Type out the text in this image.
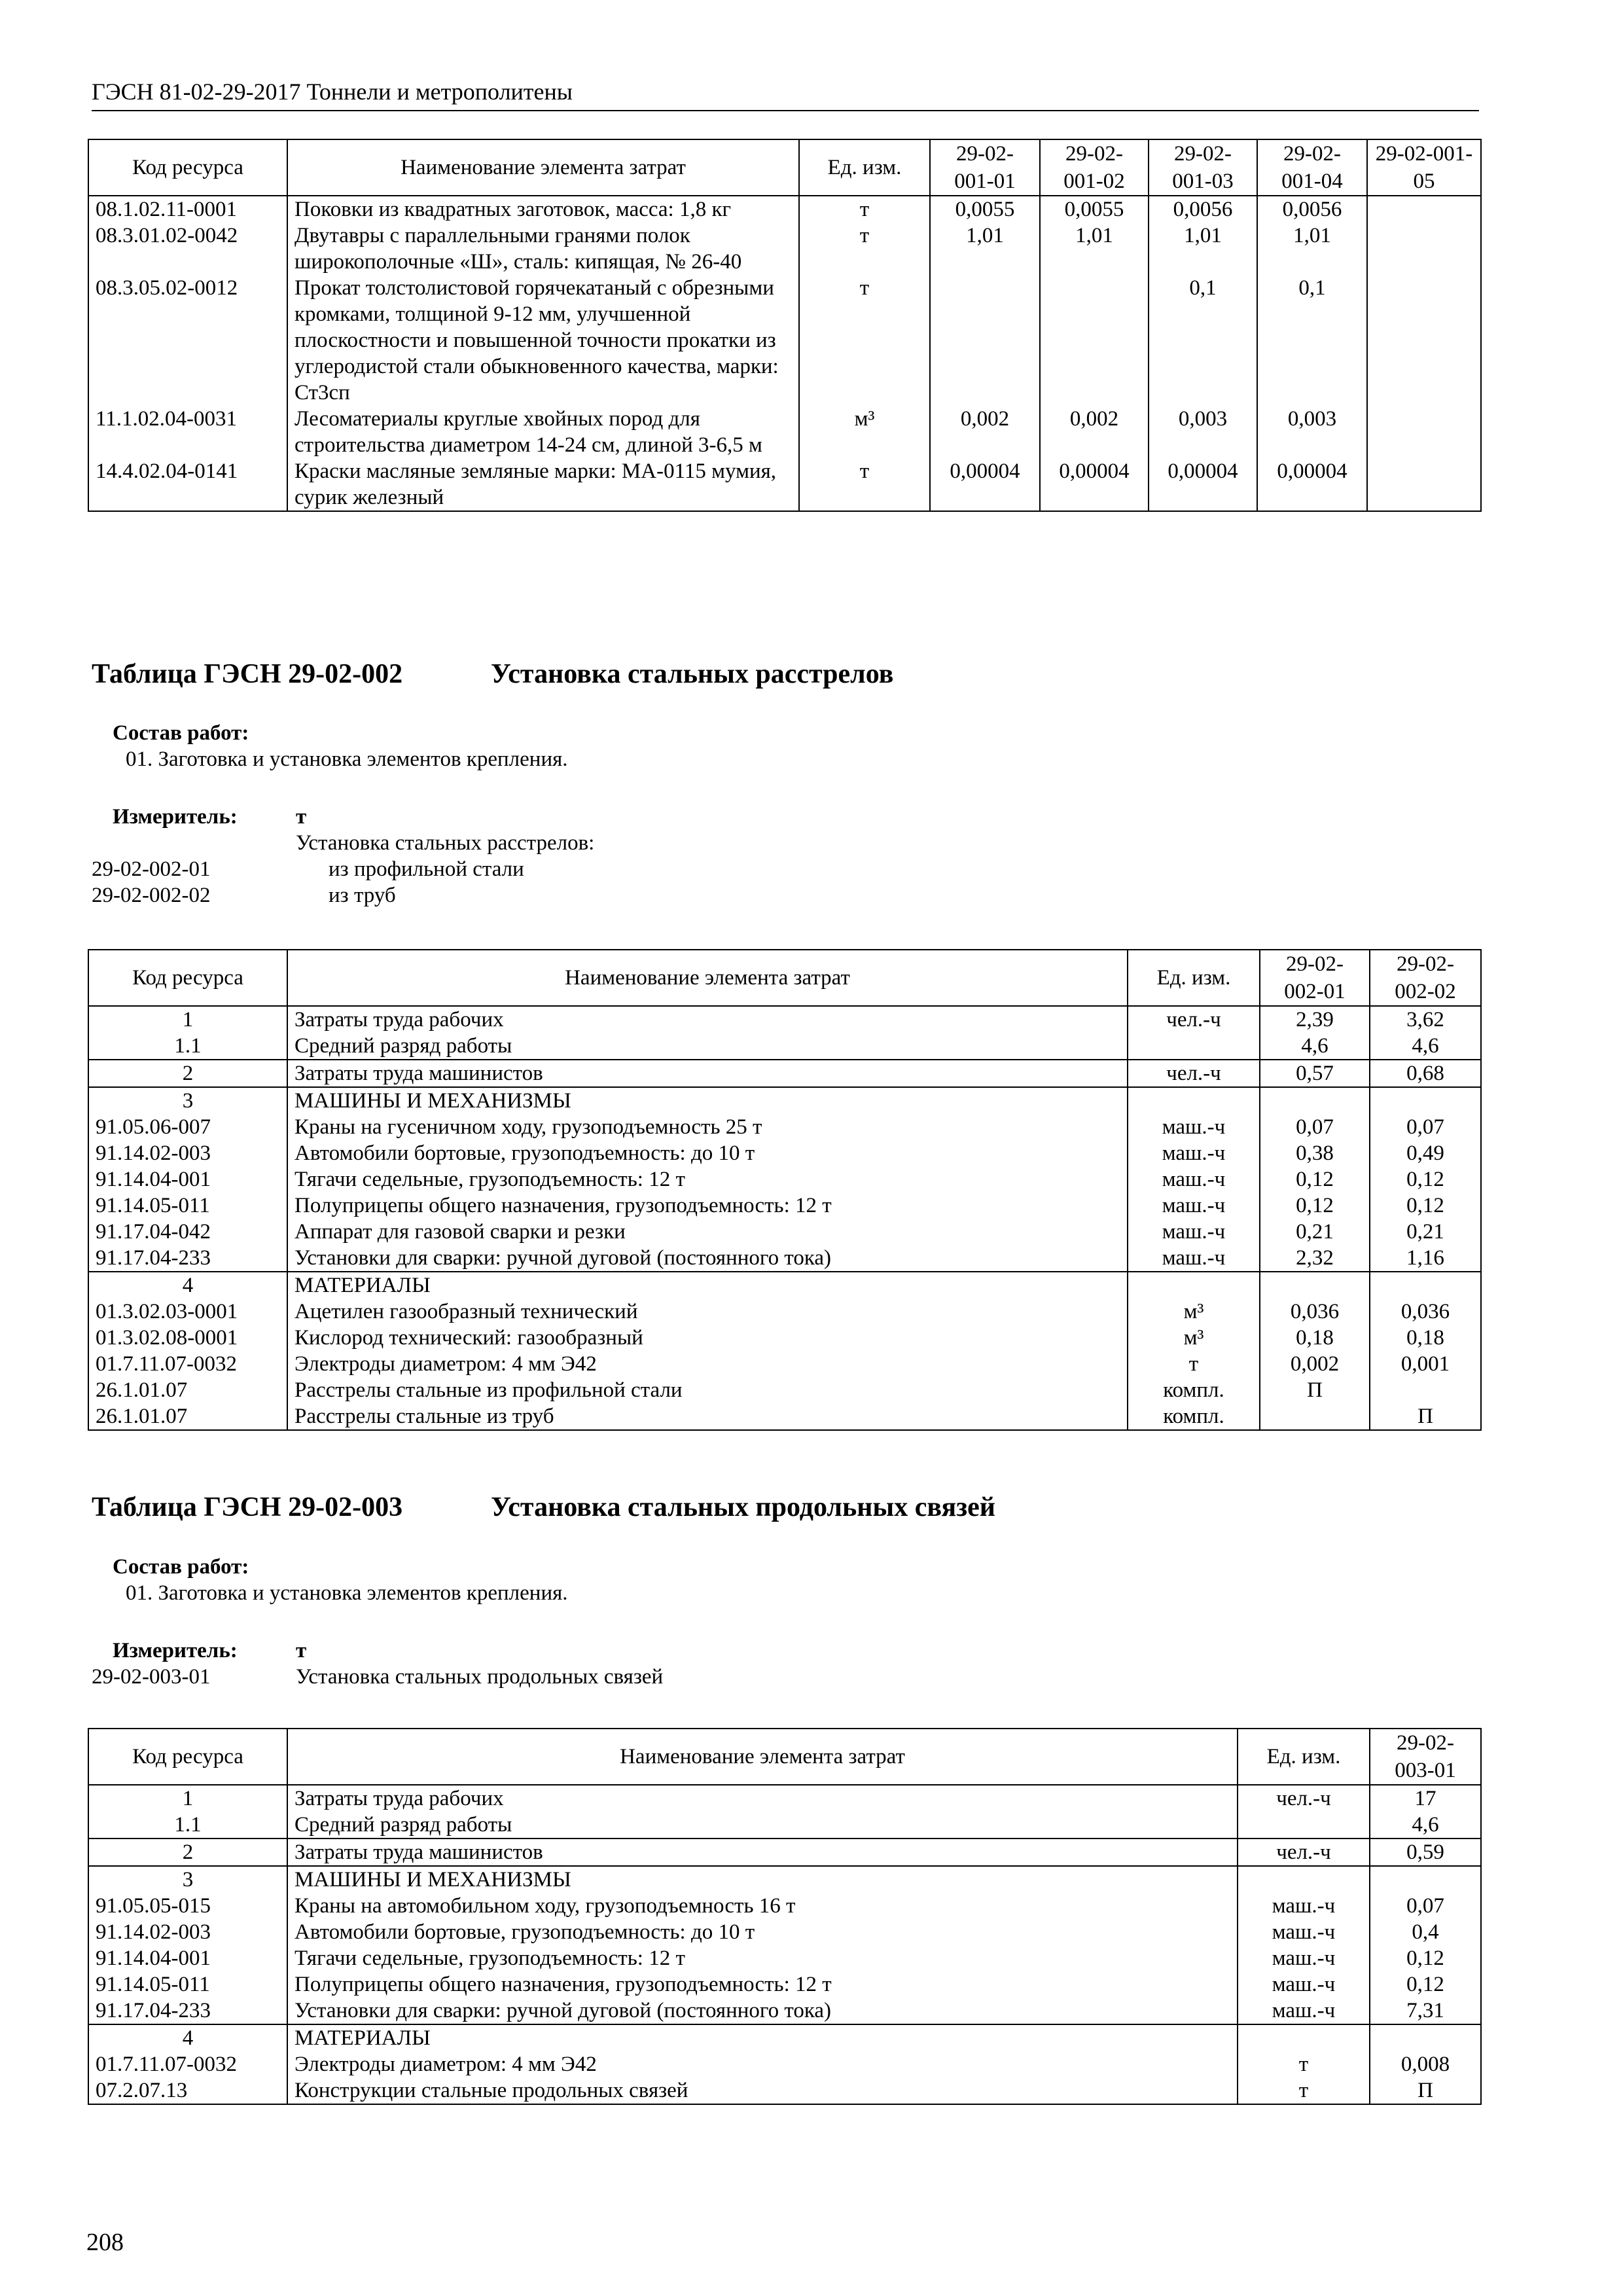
ГЭСН 81-02-29-2017 Тоннели и метрополитены
Код ресурса	Наименование элемента затрат	Ед. изм.	29-02-001-01	29-02-001-02	29-02-001-03	29-02-001-04	29-02-001-05
08.1.02.11-0001	Поковки из квадратных заготовок, масса: 1,8 кг	т	0,0055	0,0055	0,0056	0,0056	
08.3.01.02-0042	Двутавры с параллельными гранями полок широкополочные «Ш», сталь: кипящая, № 26-40	т	1,01	1,01	1,01	1,01	
08.3.05.02-0012	Прокат толстолистовой горячекатаный с обрезными кромками, толщиной 9-12 мм, улучшенной плоскостности и повышенной точности прокатки из углеродистой стали обыкновенного качества, марки: Ст3сп	т			0,1	0,1	
11.1.02.04-0031	Лесоматериалы круглые хвойных пород для строительства диаметром 14-24 см, длиной 3-6,5 м	м³	0,002	0,002	0,003	0,003	
14.4.02.04-0141	Краски масляные земляные марки: МА-0115 мумия, сурик железный	т	0,00004	0,00004	0,00004	0,00004	
Таблица ГЭСН 29-02-002	Установка стальных расстрелов
Состав работ:
01. Заготовка и установка элементов крепления.
Измеритель:	т
Установка стальных расстрелов:
29-02-002-01	из профильной стали
29-02-002-02	из труб
Код ресурса	Наименование элемента затрат	Ед. изм.	29-02-002-01	29-02-002-02
1	Затраты труда рабочих	чел.-ч	2,39	3,62
1.1	Средний разряд работы		4,6	4,6
2	Затраты труда машинистов	чел.-ч	0,57	0,68
3	МАШИНЫ И МЕХАНИЗМЫ			
91.05.06-007	Краны на гусеничном ходу, грузоподъемность 25 т	маш.-ч	0,07	0,07
91.14.02-003	Автомобили бортовые, грузоподъемность: до 10 т	маш.-ч	0,38	0,49
91.14.04-001	Тягачи седельные, грузоподъемность: 12 т	маш.-ч	0,12	0,12
91.14.05-011	Полуприцепы общего назначения, грузоподъемность: 12 т	маш.-ч	0,12	0,12
91.17.04-042	Аппарат для газовой сварки и резки	маш.-ч	0,21	0,21
91.17.04-233	Установки для сварки: ручной дуговой (постоянного тока)	маш.-ч	2,32	1,16
4	МАТЕРИАЛЫ			
01.3.02.03-0001	Ацетилен газообразный технический	м³	0,036	0,036
01.3.02.08-0001	Кислород технический: газообразный	м³	0,18	0,18
01.7.11.07-0032	Электроды диаметром: 4 мм Э42	т	0,002	0,001
26.1.01.07	Расстрелы стальные из профильной стали	компл.	П	
26.1.01.07	Расстрелы стальные из труб	компл.		П
Таблица ГЭСН 29-02-003	Установка стальных продольных связей
Состав работ:
01. Заготовка и установка элементов крепления.
Измеритель:	т
29-02-003-01	Установка стальных продольных связей
Код ресурса	Наименование элемента затрат	Ед. изм.	29-02-003-01
1	Затраты труда рабочих	чел.-ч	17
1.1	Средний разряд работы		4,6
2	Затраты труда машинистов	чел.-ч	0,59
3	МАШИНЫ И МЕХАНИЗМЫ		
91.05.05-015	Краны на автомобильном ходу, грузоподъемность 16 т	маш.-ч	0,07
91.14.02-003	Автомобили бортовые, грузоподъемность: до 10 т	маш.-ч	0,4
91.14.04-001	Тягачи седельные, грузоподъемность: 12 т	маш.-ч	0,12
91.14.05-011	Полуприцепы общего назначения, грузоподъемность: 12 т	маш.-ч	0,12
91.17.04-233	Установки для сварки: ручной дуговой (постоянного тока)	маш.-ч	7,31
4	МАТЕРИАЛЫ		
01.7.11.07-0032	Электроды диаметром: 4 мм Э42	т	0,008
07.2.07.13	Конструкции стальные продольных связей	т	П
208
